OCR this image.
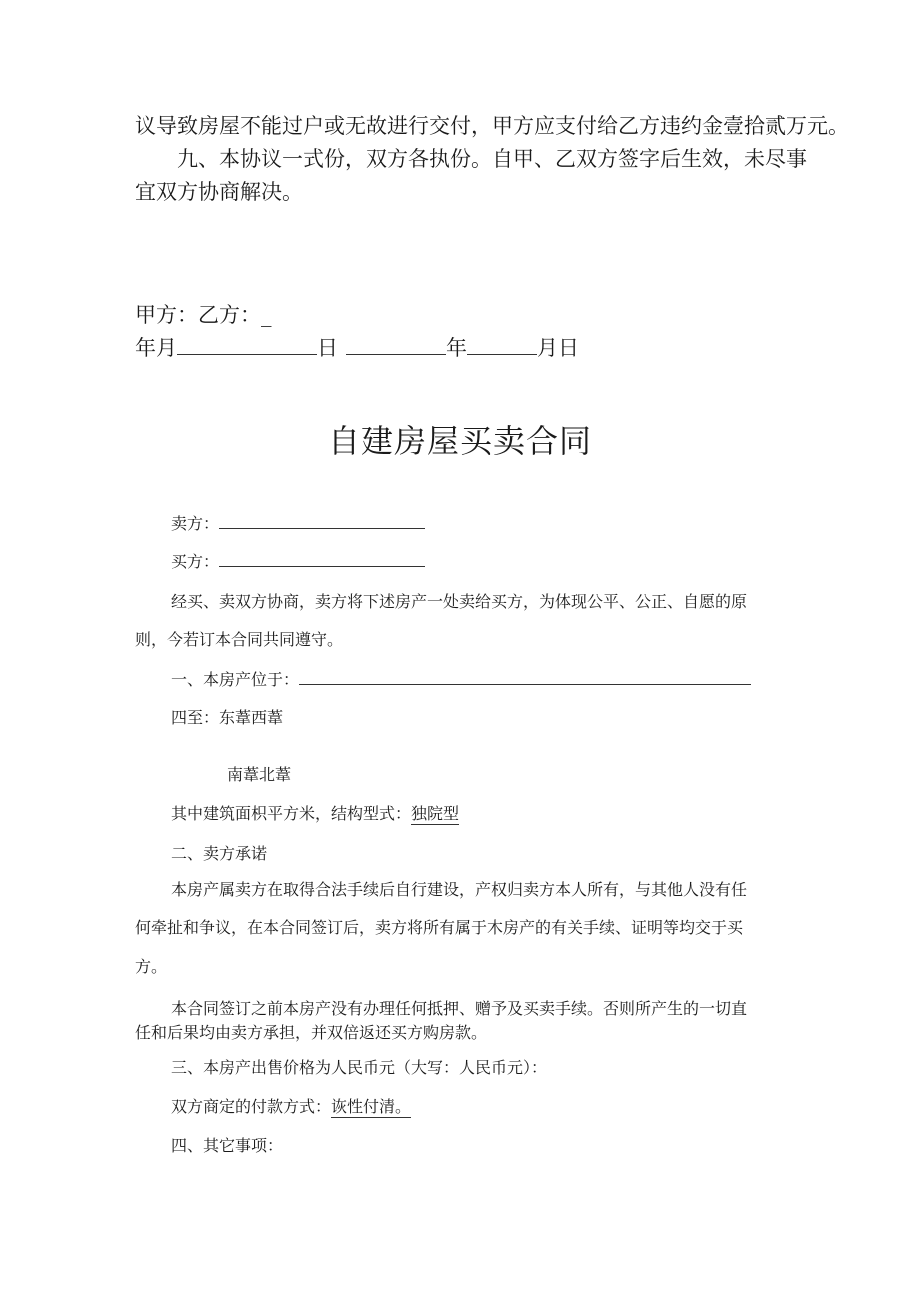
议导致房屋不能过户或无故进行交付，甲方应支付给乙方违约金壹拾贰万元。
九、本协议一式份，双方各执份。自甲、乙双方签字后生效，未尽事
宜双方协商解决。
甲方：乙方：_
年月	日	年	月日
自建房屋买卖合同
卖方：
买方：
经买、卖双方协商，卖方将下述房产一处卖给买方，为体现公平、公正、自愿的原
则，今若订本合同共同遵守。
一、本房产位于：
四至：东葦西葦
南葦北葦
其中建筑面枳平方米，结构型式：独院型
二、卖方承诺
本房产属卖方在取得合法手续后自行建设，产权归卖方本人所有，与其他人没有任
何牵扯和争议，在本合同签订后，卖方将所有属于木房产的有关手续、证明等均交于买
方。
本合同签订之前本房产没有办理任何抵押、赠予及买卖手续。否则所产生的一切直
任和后果均由卖方承担，并双倍返还买方购房款。
三、本房产出售价格为人民币元（大写：人民币元）：
双方商定的付款方式：诙性付清。
四、其它事项：
